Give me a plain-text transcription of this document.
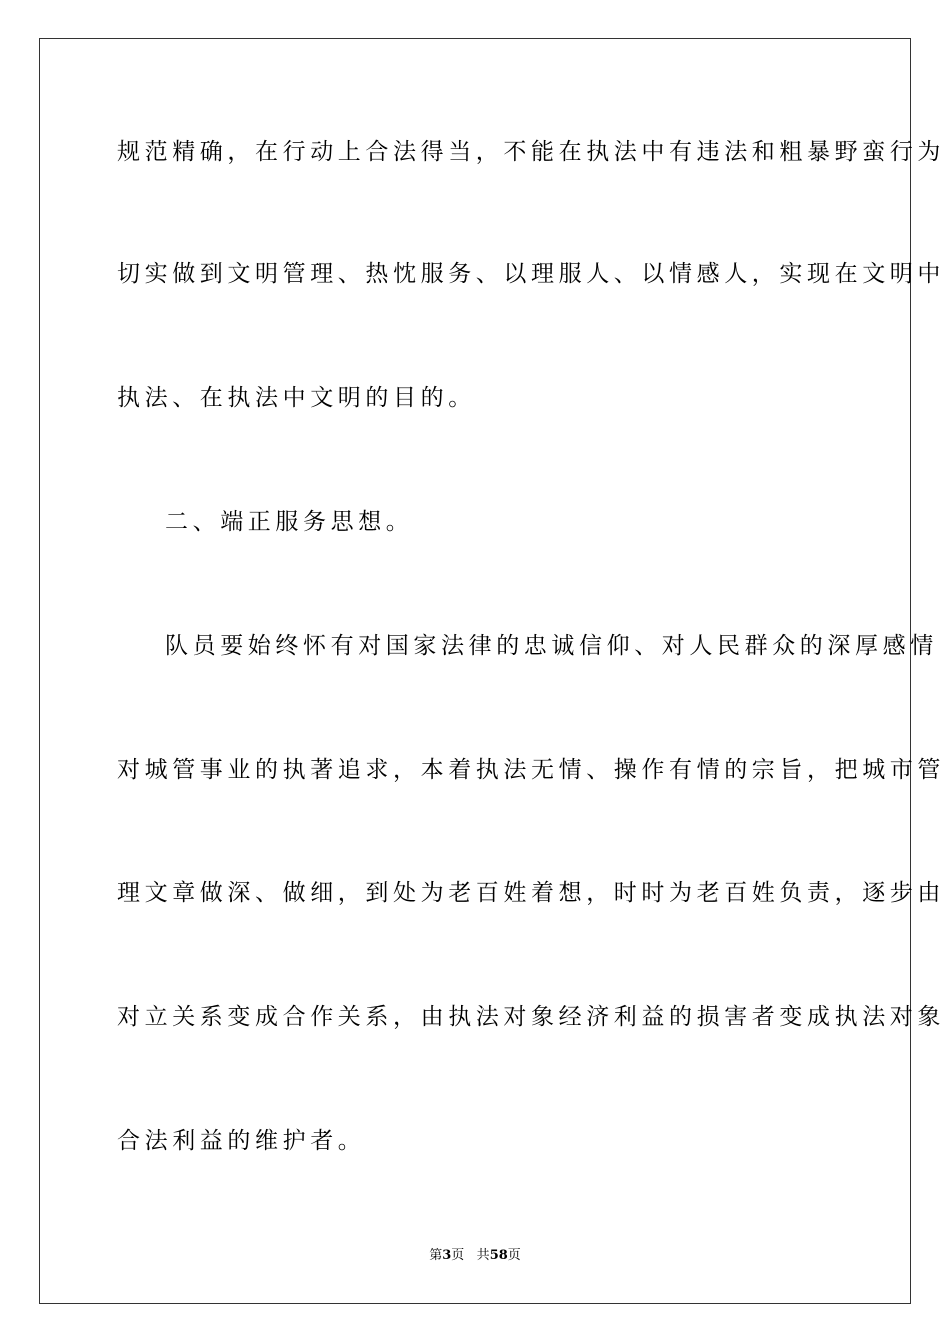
规范精确，在行动上合法得当，不能在执法中有违法和粗暴野蛮行为
切实做到文明管理、热忱服务、以理服人、以情感人，实现在文明中
执法、在执法中文明的目的。
二、端正服务思想。
队员要始终怀有对国家法律的忠诚信仰、对人民群众的深厚感情
对城管事业的执著追求，本着执法无情、操作有情的宗旨，把城市管
理文章做深、做细，到处为老百姓着想，时时为老百姓负责，逐步由
对立关系变成合作关系，由执法对象经济利益的损害者变成执法对象
合法利益的维护者。
第3页 共58页
